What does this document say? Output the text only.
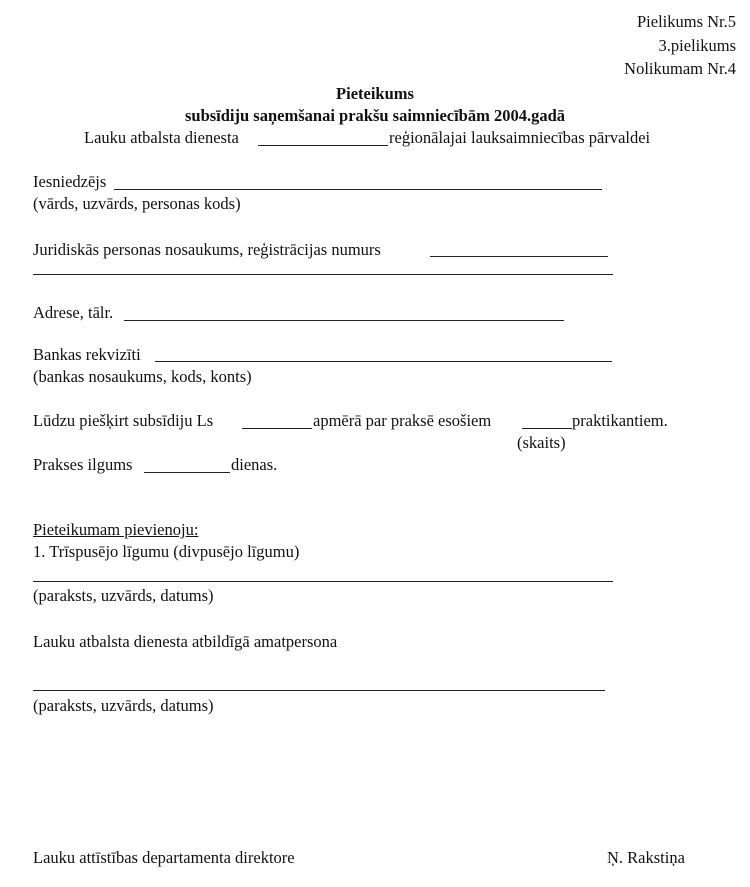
Pielikums Nr.5
3.pielikums
Nolikumam Nr.4
Pieteikums
subsīdiju saņemšanai prakšu saimniecībām 2004.gadā
Lauku atbalsta dienesta	reģionālajai lauksaimniecības pārvaldei
Iesniedzējs
(vārds, uzvārds, personas kods)
Juridiskās personas nosaukums, reģistrācijas numurs
Adrese, tālr.
Bankas rekvizīti
(bankas nosaukums, kods, konts)
Lūdzu piešķirt subsīdiju Ls	apmērā par praksē esošiem	praktikantiem.
(skaits)
Prakses ilgums	dienas.
Pieteikumam pievienoju:
1. Trīspusējo līgumu (divpusējo līgumu)
(paraksts, uzvārds, datums)
Lauku atbalsta dienesta atbildīgā amatpersona
(paraksts, uzvārds, datums)
Lauku attīstības departamenta direktore	Ņ. Rakstiņa
